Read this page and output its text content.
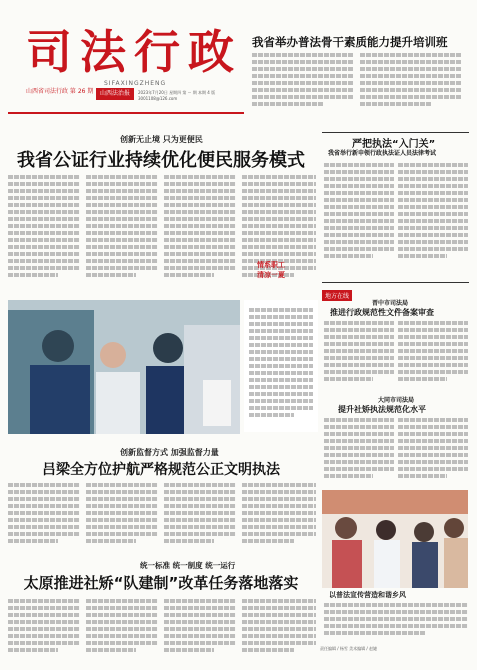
司法行政
SIFAXINGZHENG
山西省司法行政 第 26 期	山西法治报	2023年7月20日 星期四 第 ··· 期 本期 4 版
3001108@126.com
我省举办普法骨干素质能力提升培训班
创新无止境 只为更便民
我省公证行业持续优化便民服务模式
严把执法“入门关”
我省举行新申领行政执法证人员法律考试
地方在线
晋中市司法局
推进行政规范性文件备案审查
大同市司法局
提升社矫执法规范化水平
情系职工
清凉一夏
创新监督方式 加强监督力量
吕梁全方位护航严格规范公正文明执法
统一标准 统一制度 统一运行
太原推进社矫“队建制”改革任务落地落实
以普法宣传营造和谐乡风
责任编辑 / 杨雪 美术编辑 / 赵婕
